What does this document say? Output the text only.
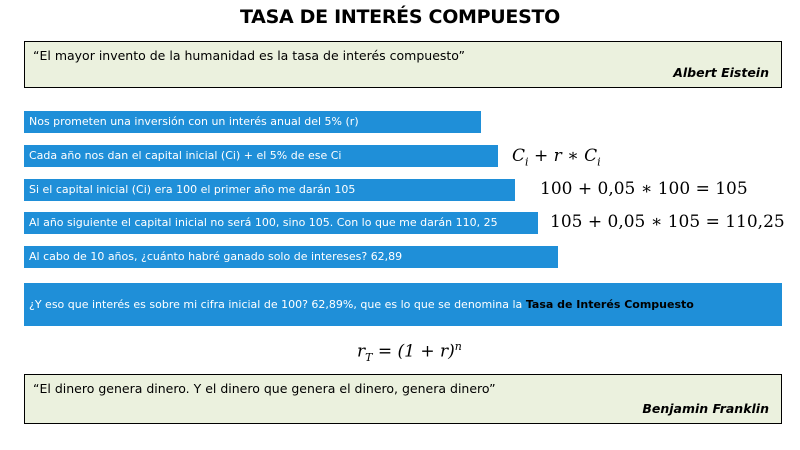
TASA DE INTERÉS COMPUESTO
“El mayor invento de la humanidad es la tasa de interés compuesto”
Albert Eistein
Nos prometen una inversión con un interés anual del 5% (r)
Cada año nos dan el capital inicial (Ci) + el 5% de ese Ci
Si el capital inicial (Ci) era 100 el primer año me darán 105
Al año siguiente el capital inicial no será 100, sino 105. Con lo que me darán 110, 25
Al cabo de 10 años, ¿cuánto habré ganado solo de intereses? 62,89
¿Y eso que interés es sobre mi cifra inicial de 100? 62,89%, que es lo que se denomina la Tasa de Interés Compuesto
$C_i + r$ ∗ $C_i$
100 + 0,05 ∗ 100 = 105
105 + 0,05 ∗ 105 = 110,25
$r_T = (1 + r)^n$
“El dinero genera dinero. Y el dinero que genera el dinero, genera dinero”
Benjamin Franklin
